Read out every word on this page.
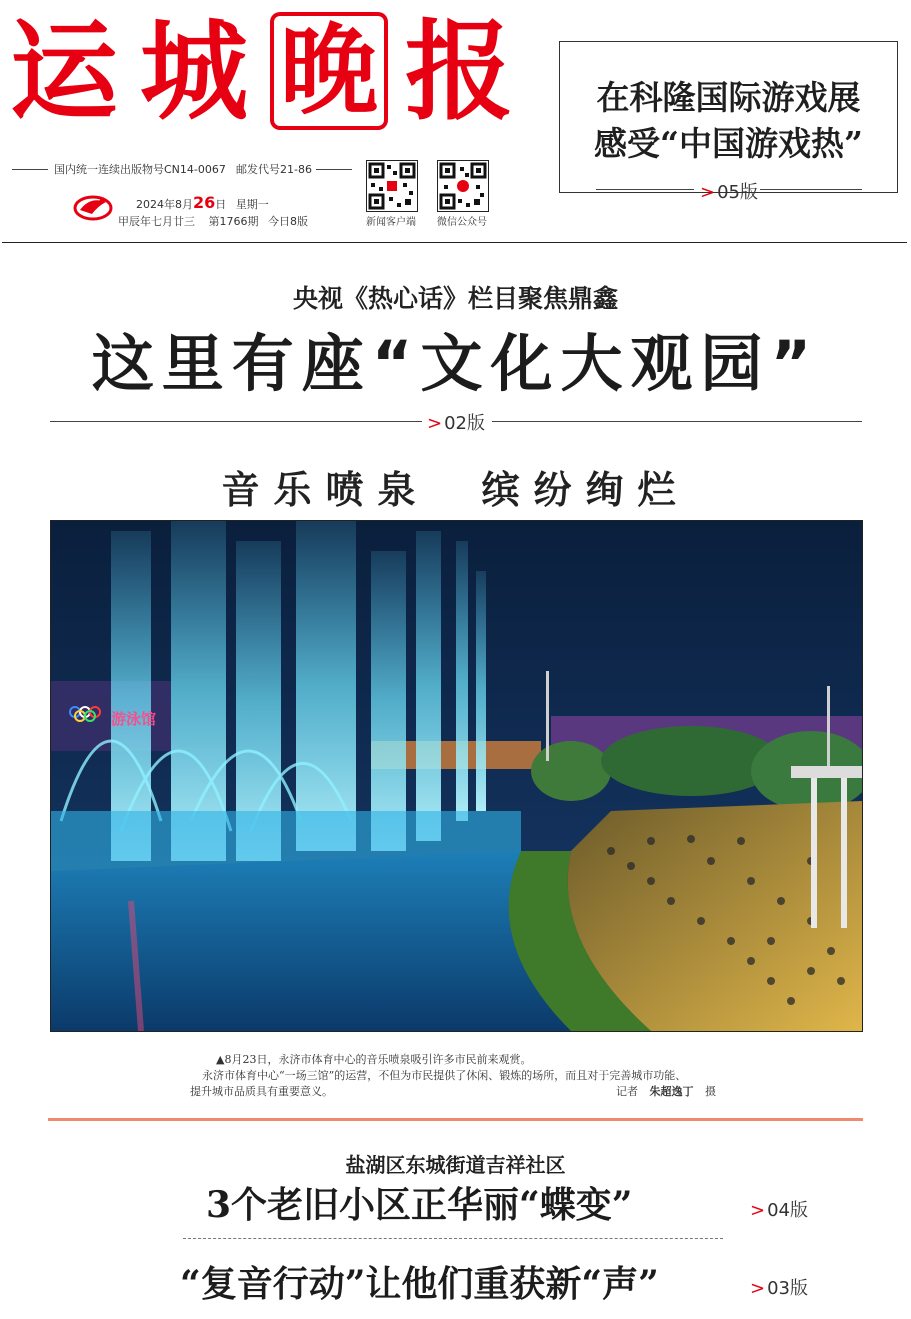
运 城 晚 报
国内统一连续出版物号CN14-0067 邮发代号21-86
2024年8月26日 星期一
甲辰年七月廿三 第1766期 今日8版	新闻客户端	微信公众号
在科隆国际游戏展
感受“中国游戏热”
> 05版
央视《热心话》栏目聚焦鼎鑫
这里有座“文化大观园”
> 02版
音乐喷泉　缤纷绚烂
游泳馆
▲8月23日，永济市体育中心的音乐喷泉吸引许多市民前来观赏。
永济市体育中心“一场三馆”的运营，不但为市民提供了休闲、锻炼的场所，而且对于完善城市功能、
提升城市品质具有重要意义。	记者 朱超逸丁 摄
盐湖区东城街道吉祥社区
3个老旧小区正华丽“蝶变”	> 04版
“复音行动”让他们重获新“声”	> 03版
